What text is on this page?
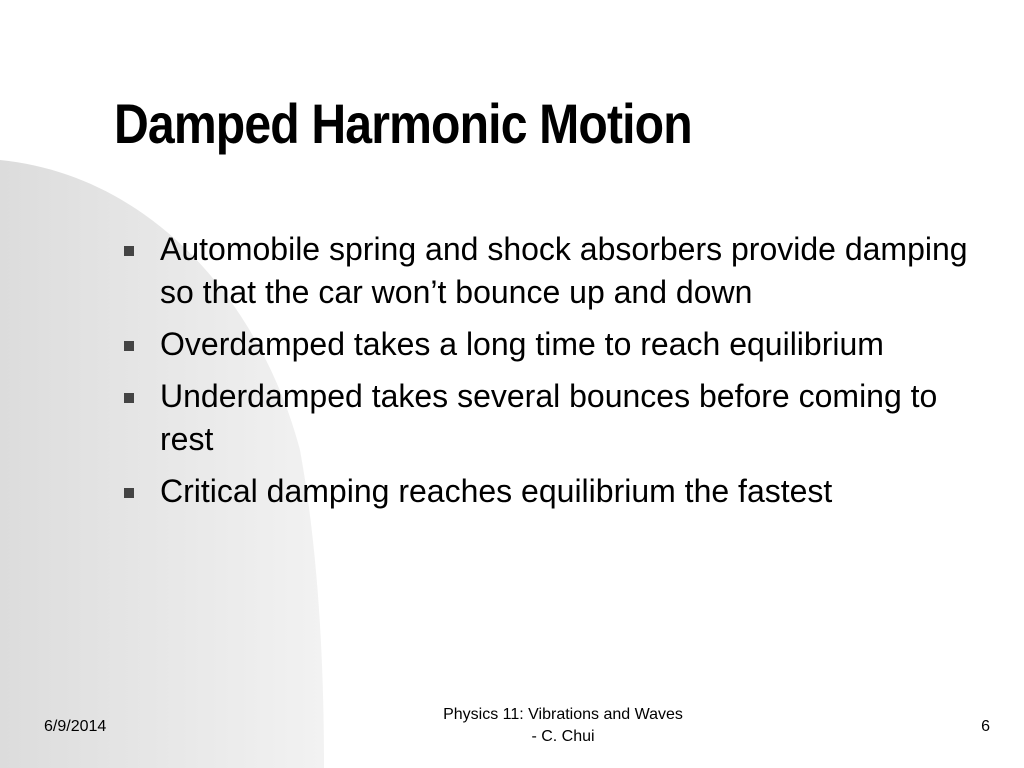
Damped Harmonic Motion
Automobile spring and shock absorbers provide damping so that the car won’t bounce up and down
Overdamped takes a long time to reach equilibrium
Underdamped takes several bounces before coming to rest
Critical damping reaches equilibrium the fastest
6/9/2014
Physics 11: Vibrations and Waves
- C. Chui
6
